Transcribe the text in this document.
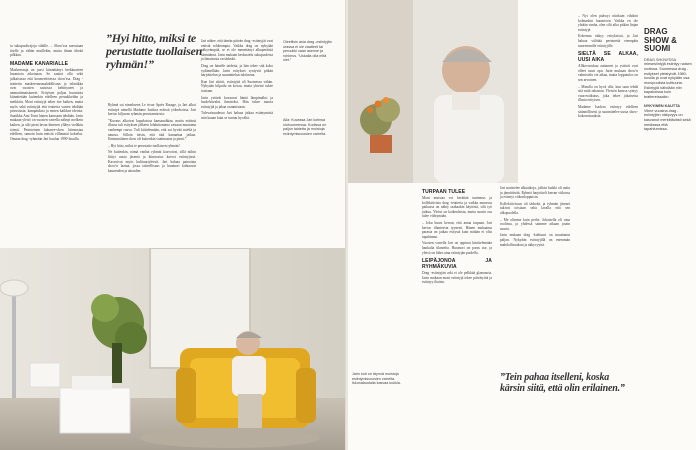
ta sukupuolirajoja vähille. – Show'ssa saavutaan itselle ja vähän muillekin, mutta ilman tiheää pilkkaa.

MADAME KANARIALLE

Maskeerauja on jussi kiinnittänyt herkkuuteen huomiota aikoinaan. Se saattoi olla sekä julkaisussa että kosmeettisessa show'ssa. Drag -teatterin maskeerausmahdollisuus ja tekniikka ovat vuosien saatossa kehittyneet ja ammattimaistuneet. Erityisen paljon huomiota kiinnitetään kuitenkin edelleen peruukkeihin ja meikkiin. Moni esiintyjä tekee itse kaiken, mutta myös sekä esiintyjiä että teatteria varten tehdään puvustusta, kampauksia ja ennen kaikkea ideoita. Saatikka Anu Tomi hänen kanssaan tehdään. Jarin mukaan yleisö on vuosien varrella nähnyt melkein kaiken, ja silti pieni lavan ihmisen yllätys vieläkin toimii. Perinteinen kabaree-show kiinnostaa edelleen, samoin kuin entistä villimmät kokeilut. Omaan drag -ryhmään Jari kuuluu 1990-luvulla.

”Hyi hitto, miksi te perustatte tuollaisen ryhmän!”

Ryhmä sai nimekseen Le rivue Après Rasage, ja Jari alkoi esiintyä nimellä Madame Isadora eräissä yökerhoissa. Jari kertoo kiljuvan ryhmän perustamisesta:

”Kuvaus alkoivat kapakoissa kansanuhkaa, mutta eräässä illassa tuli esityksen jälkeen lohduttomana vastaan muutama vanhempi rouva. Tuli kiittelemään, että sai hyvää mieltä ja naurua. Silloin tiesin, että tätä kannattaa jatkaa. Ensimmäinen show oli kuitenkin vaatimaton ja pieni.”

– Hyi hitto, miksi te perustatte tuollaisen ryhmän!

Ne kuitenkin, nämä vanhat ryhmät kasvoivat, sillä niihin liittyi uusia jäseniä ja kiinnostus kasvoi esiintyjissä. Kasvoivat myös kulttuuriyleisöt. Jari haluaa painottaa show'n laatua, jossa taiteellisuus ja huumori kohtaavat kauneuden ja aitouden.

Jari näkee, että tämän päivän drag -esiintyjät ovat entistä rohkeampia. Vaikka drag on nykyään näkyvämpää, se ei ole menettänyt alkuperäistä särmäänsä. Jarin mukaan keskustelu sukupuolesta ja ilmaisusta on tärkeää.

Drag on hänelle taidetta, ja hän tekee sitä koko sydämellään. Jarin esitykset syntyvät pitkän harjoittelun ja suunnittelun tuloksena.

Kun Jari aloitti, esiintyjiä oli Suomessa vähän. Nykyään kilpailu on kovaa, mutta yhteisö tukee toisiaan.

Jarin ystävät kuvaavat häntä lämpimäksi ja huolehtivaksi ihmiseksi. Hän tukee nuoria esiintyjiä ja jakaa osaamistaan.

Tulevaisuudessa Jari haluaa jatkaa esiintymistä niin kauan kuin se tuntuu hyvältä.

Oleellisin asia drag -esiintyjän urassa ei ole vaatteet tai peruukki vaan asenne ja rohkeus. ”Uskalla olla mitä olet.”
Alla: Kuvassa Jari kotinsa olohuoneessa. Kodissa on paljon taidetta ja muistoja esiintymisvuosien varrelta.
TURPAAN TULEE

Moni muistaa voi kerättää tuntemus ja kollektiivista drag -teatteria ja vaikka monessa paikassa on nähty raakaakin käytöstä, silti työ jatkuu. Yleisö on kaikenlaista, mutta suurin osa tulee viihtymään.

– Joku huusi kerran, että antaa turpaan. Jari kertoo tilanteesta tyynesti. Hänen mukaansa parasta on jatkaa esitystä kuin mitään ei olisi tapahtunut.

Vuosien varrella Jari on oppinut käsittelemään hankalia tilanteita. Huumori on paras ase, ja yleisö on lähes aina esiintyjän puolella.

LEIPÄJONOA JA RYHMÄKUVIA

Drag -esiintyjän arki ei ole pelkkää glamouria. Jarin mukaan moni esiintyjä tekee päivätyötä ja esiintyy iltaisin.

Jari muistelee alkuaikoja, jolloin kaikki oli uutta ja jännittävää. Ryhmä harjoitteli kerran viikossa ja esiintyi viikonloppuisin.

Kollektiivisuus oli tärkeää, ja ryhmän jäsenet tukivat toisiaan sekä lavalla että sen ulkopuolella.

– Me olimme kuin perhe. Jokaisella oli oma roolinsa, ja yhdessä saimme aikaan jotain suurta.

Jarin mukaan drag -kulttuuri on muuttunut paljon. Nykyään esiintyjillä on enemmän mahdollisuuksia ja näkyvyyttä.

”Tein pahaa itselleni, koska kärsin siitä, että olin erilainen.”

– Nyt olen päässyt niinkuin vihdoin kolmaskin huomioon. Vaikka en ole yhtään vanha, olen silti aika pitkän linjan esiintyjä.

Kokemus näkyy esityksissä, ja Jari haluaa välittää perinnettä eteenpäin nuoremmille esiintyjille.

SIELTÄ SE ALKAA, UUSI AIKA

Allkovnoskuu auttaneet ja ystävät ovat olleet suuri apu. Jarin mukaan show'n valmistelu vie aikaa, mutta lopputulos on sen arvoinen.

– Minulla on hyvä olla, kun saan tehdä sitä mitä rakastan. Yleisön kanssa syntyy vuorovaikutus, joka tekee jokaisesta illasta erityisen.

Madame Isadora esiintyy edelleen säännöllisesti ja suunnittelee uusia show-kokonaisuuksia.

DRAG SHOW & SUOMI
DRAG SHOW'SSA miesesiintyjä esiintyy naisen roolissa. Suomessa drag -esitykset yleistyivät 1980-luvulla ja ovat nykyään osa monipuolista kulttuuria. Esiintyjiä nähdään niin kapakoissa kuin teattereissakin.
NYKYINEN KAUTTA
Viime vuosina drag -esiintyjien näkyvyys on kasvanut merkittävästi sekä mediassa että tapahtumissa.
Jarin koti on täynnä muistoja esiintymisvuosien varrelta. Ikkunalaudalla kasvaa kukkia.
